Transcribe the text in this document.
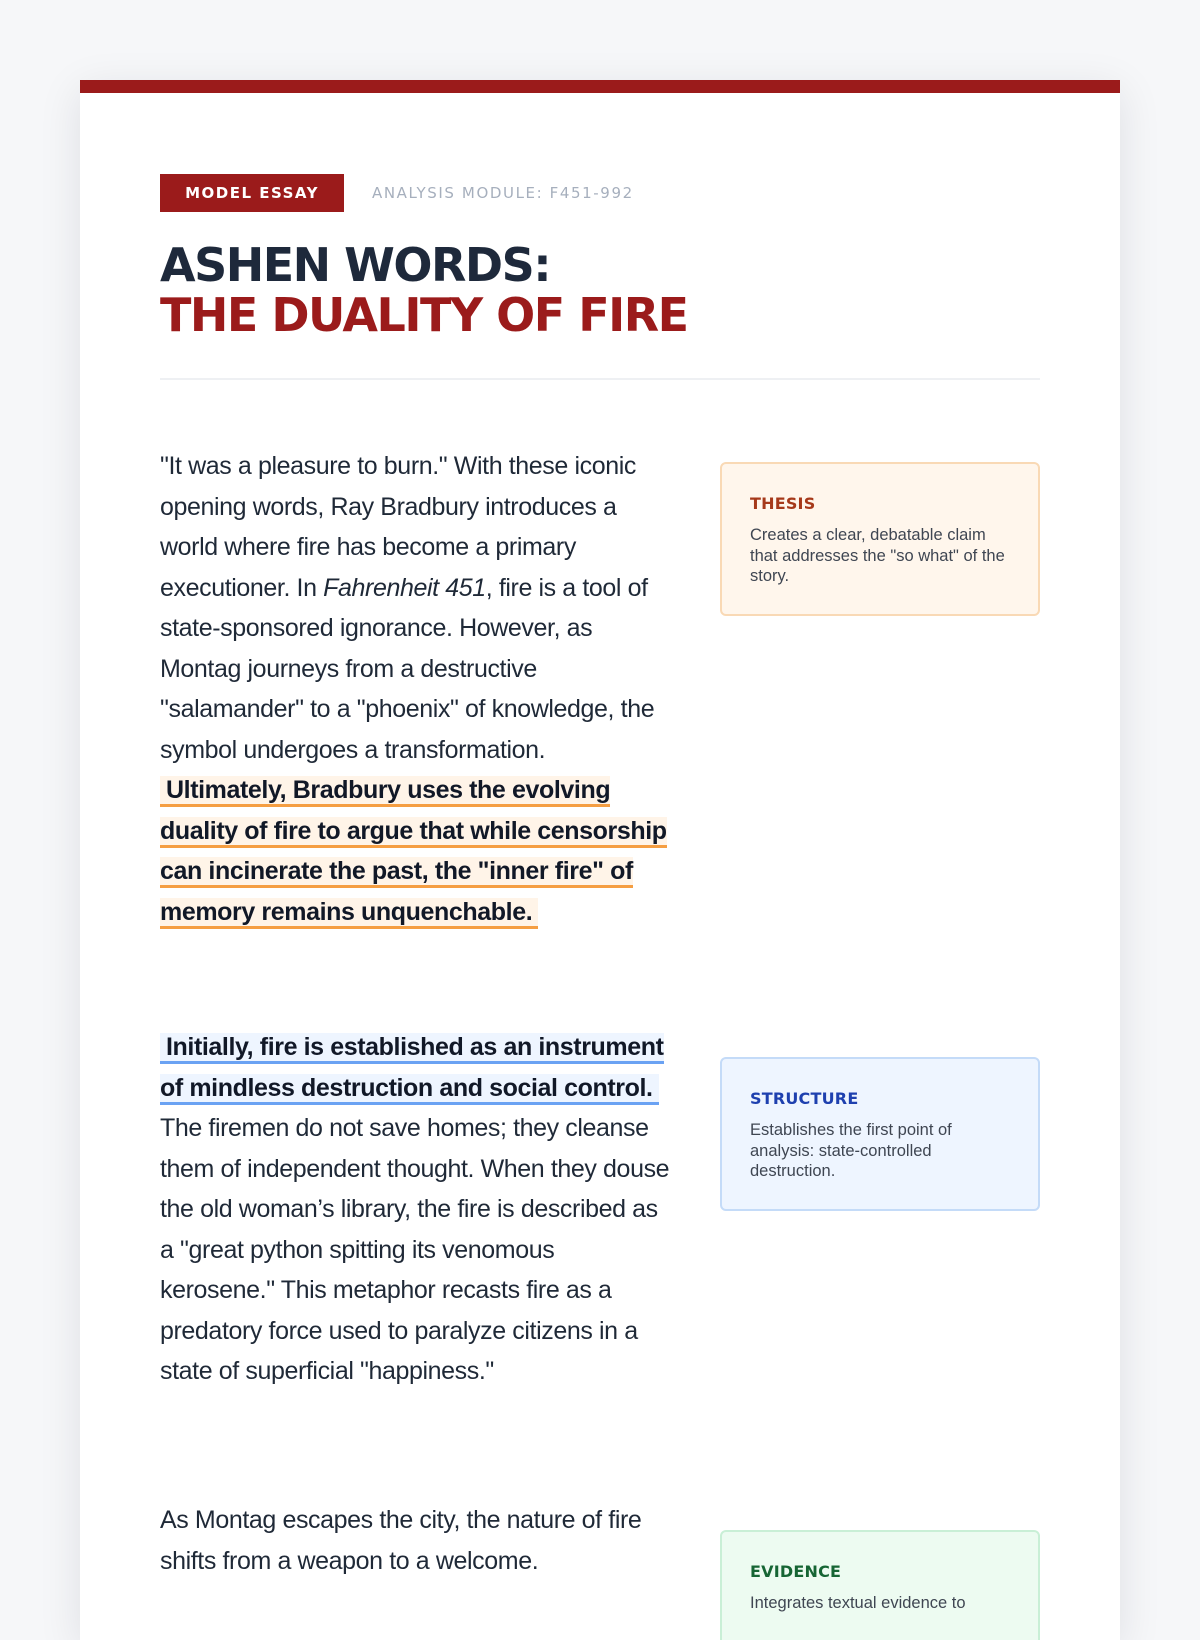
MODEL ESSAY	ANALYSIS MODULE: F451-992
ASHEN WORDS:
THE DUALITY OF FIRE

"It was a pleasure to burn." With these iconic opening words, Ray Bradbury introduces a world where fire has become a primary executioner. In Fahrenheit 451, fire is a tool of state-sponsored ignorance. However, as Montag journeys from a destructive "salamander" to a "phoenix" of knowledge, the symbol undergoes a transformation. Ultimately, Bradbury uses the evolving duality of fire to argue that while censorship can incinerate the past, the "inner fire" of memory remains unquenchable.

THESIS

Creates a clear, debatable claim that addresses the "so what" of the story.

Initially, fire is established as an instrument of mindless destruction and social control. The firemen do not save homes; they cleanse them of independent thought. When they douse the old woman’s library, the fire is described as a "great python spitting its venomous kerosene." This metaphor recasts fire as a predatory force used to paralyze citizens in a state of superficial "happiness."

STRUCTURE

Establishes the first point of analysis: state-controlled destruction.

As Montag escapes the city, the nature of fire shifts from a weapon to a welcome.	EVIDENCE

Integrates textual evidence to
